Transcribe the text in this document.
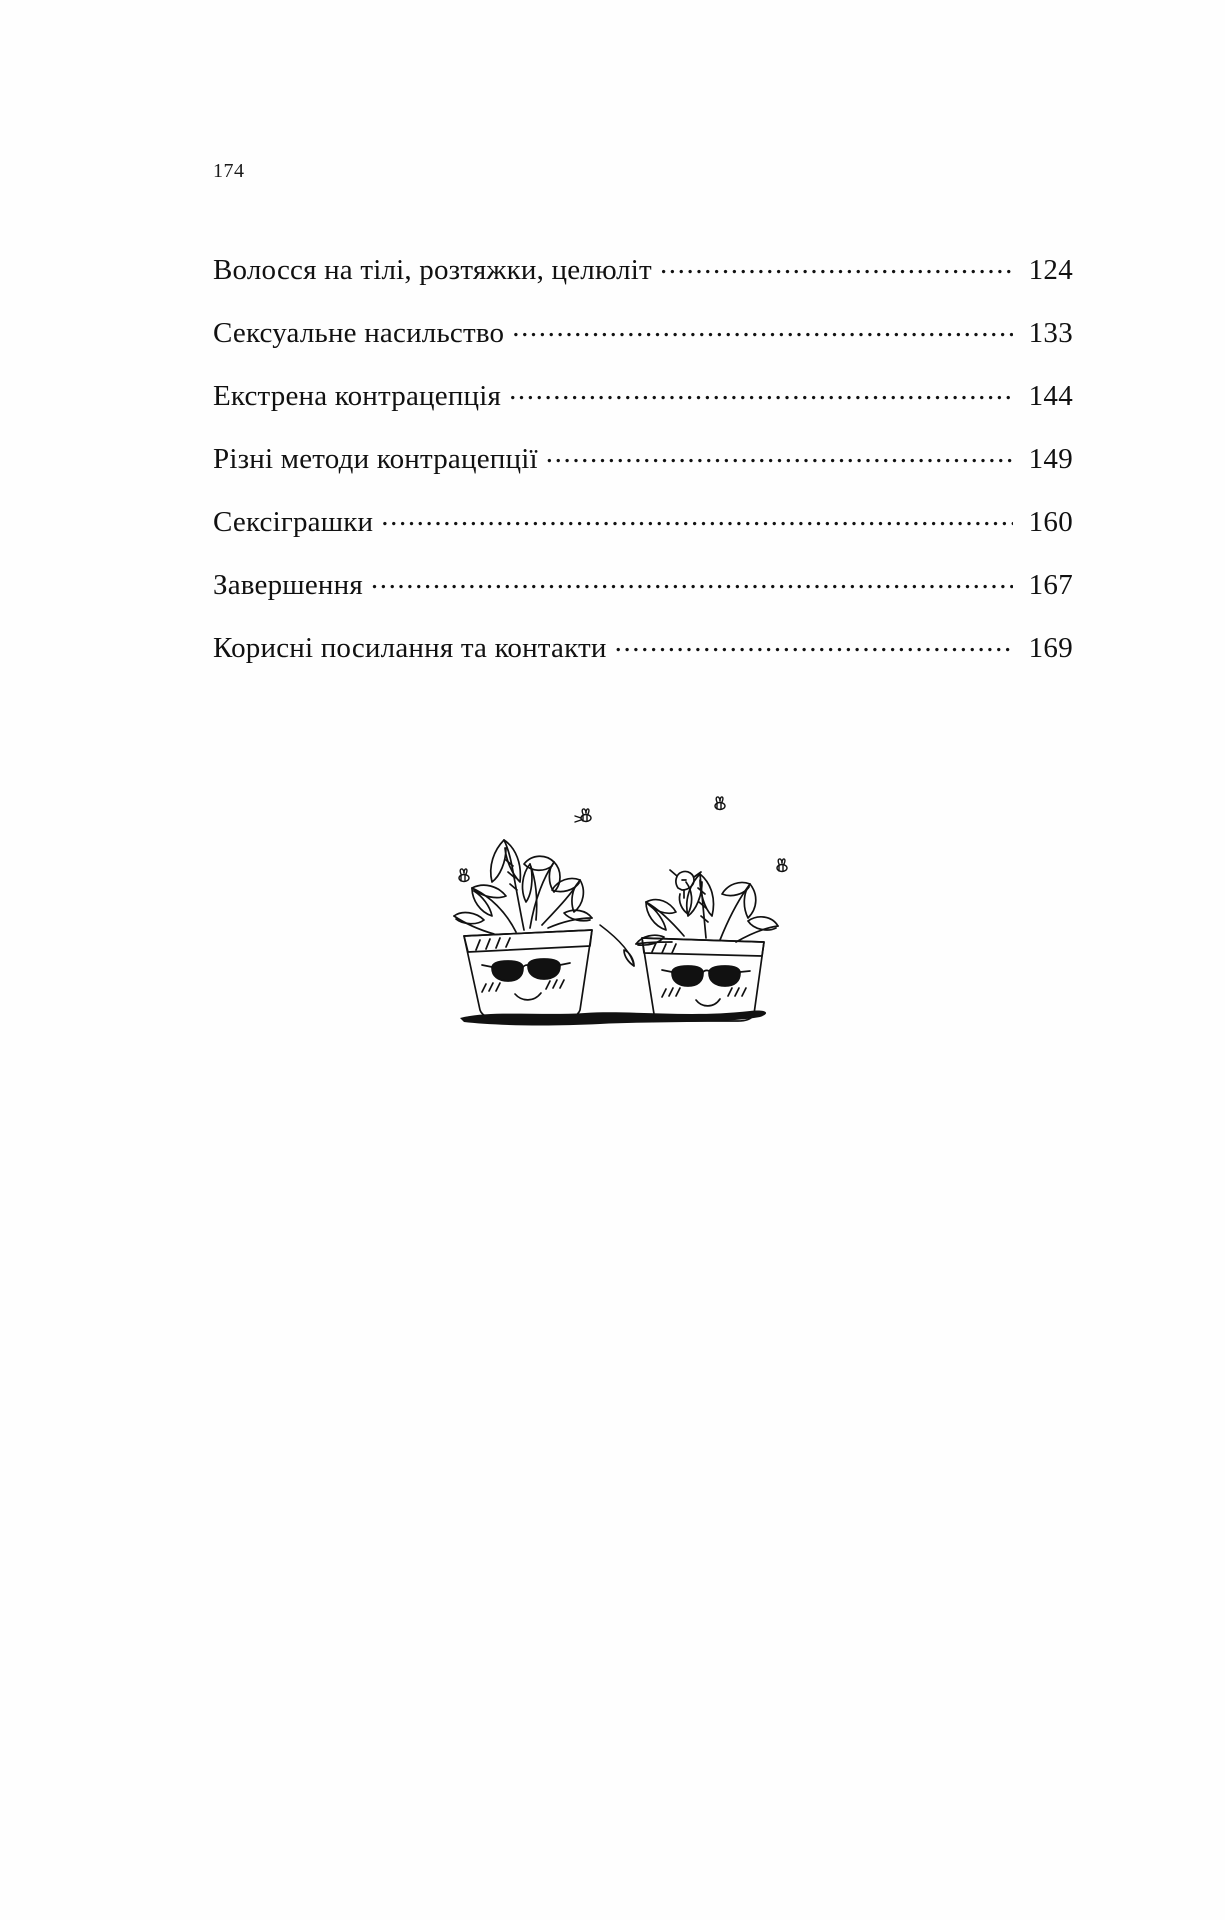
174
Волосся на тілі, розтяжки, целюліт .....	124
Сексуальне насильство .....	133
Екстрена контрацепція .....	144
Різні методи контрацепції .....	149
Сексіграшки .....	160
Завершення .....	167
Корисні посилання та контакти .....	169
